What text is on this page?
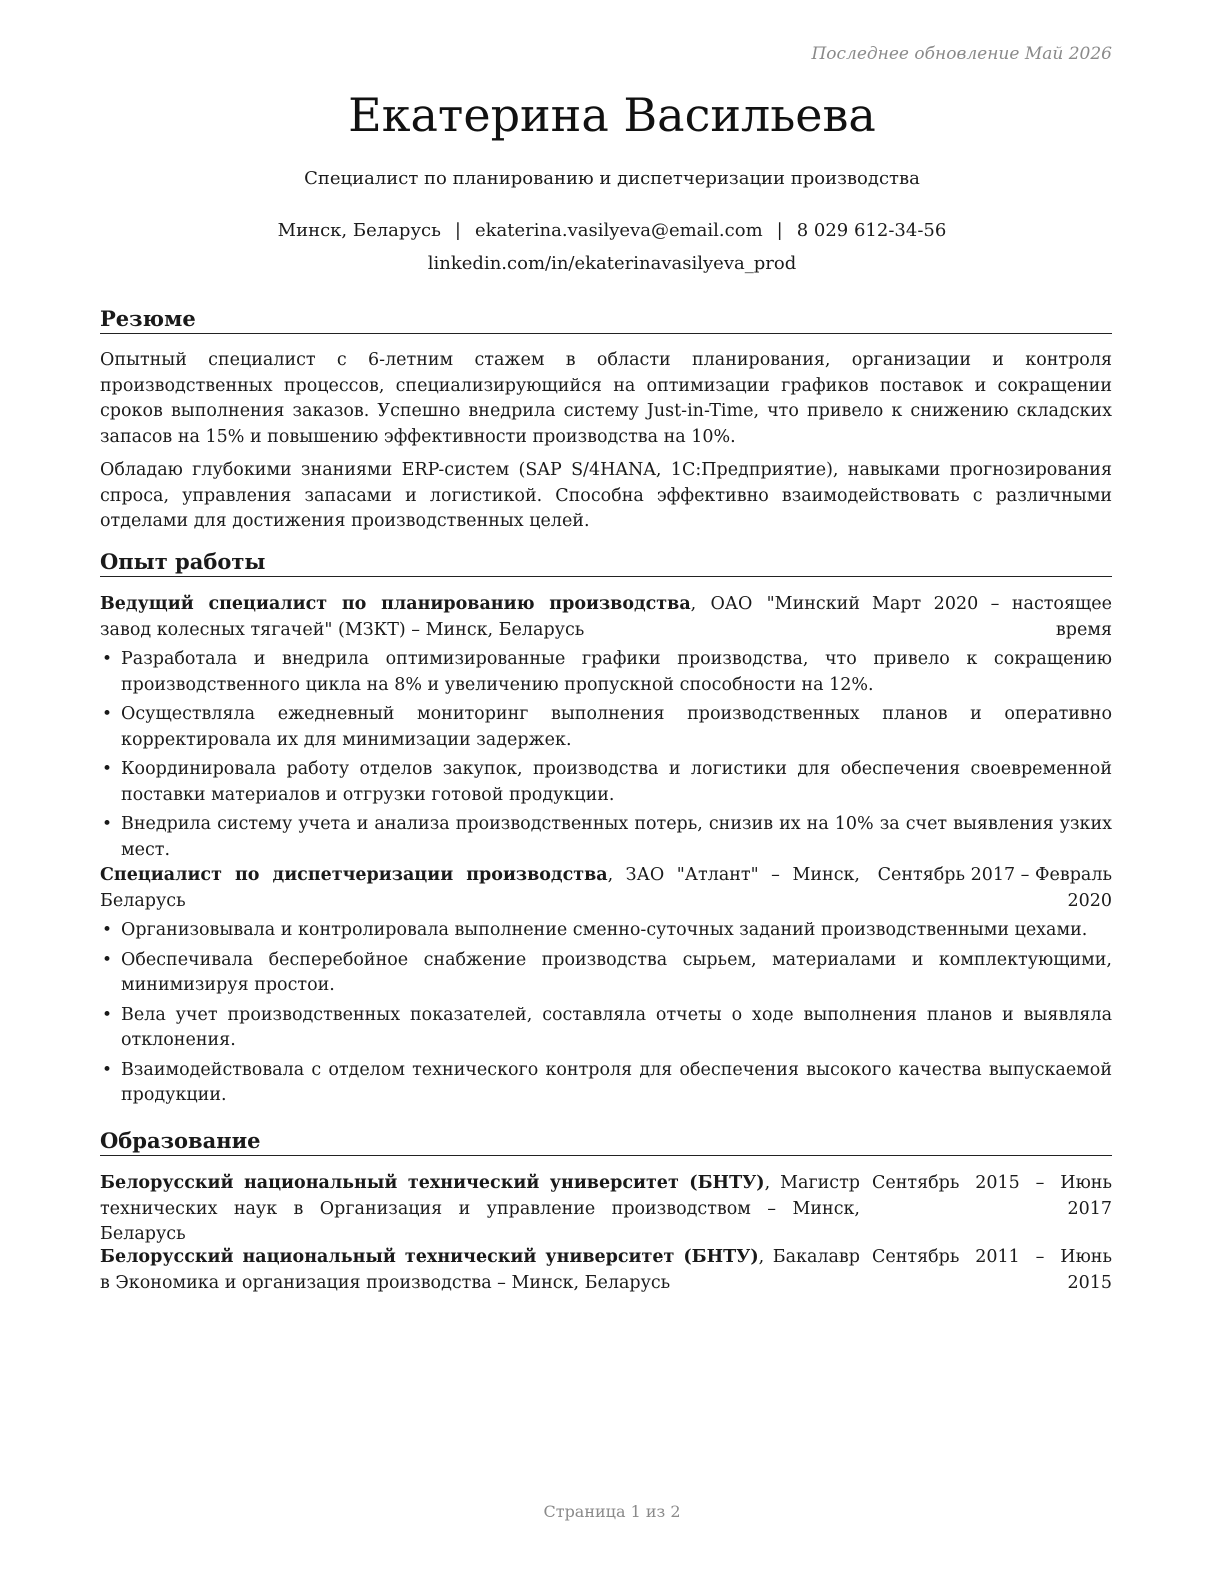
Последнее обновление Май 2026
Екатерина Васильева
Специалист по планированию и диспетчеризации производства
Минск, Беларусь | ekaterina.vasilyeva@email.com | 8 029 612-34-56
linkedin.com/in/ekaterinavasilyeva_prod
Резюме

Опытный специалист с 6-летним стажем в области планирования, организации и контроля производственных процессов, специализирующийся на оптимизации графиков поставок и сокращении сроков выполнения заказов. Успешно внедрила систему Just-in-Time, что привело к снижению складских запасов на 15% и повышению эффективности производства на 10%.

Обладаю глубокими знаниями ERP-систем (SAP S/4HANA, 1С:Предприятие), навыками прогнозирования спроса, управления запасами и логистикой. Способна эффективно взаимодействовать с различными отделами для достижения производственных целей.

Опыт работы
Ведущий специалист по планированию производства, ОАО "Минский завод колесных тягачей" (МЗКТ) – Минск, Беларусь
Март 2020 – настоящее время
• Разработала и внедрила оптимизированные графики производства, что привело к сокращению производственного цикла на 8% и увеличению пропускной способности на 12%.
• Осуществляла ежедневный мониторинг выполнения производственных планов и оперативно корректировала их для минимизации задержек.
• Координировала работу отделов закупок, производства и логистики для обеспечения своевременной поставки материалов и отгрузки готовой продукции.
• Внедрила систему учета и анализа производственных потерь, снизив их на 10% за счет выявления узких мест.
Специалист по диспетчеризации производства, ЗАО "Атлант" – Минск, Беларусь
Сентябрь 2017 – Февраль 2020
• Организовывала и контролировала выполнение сменно-суточных заданий производственными цехами.
• Обеспечивала бесперебойное снабжение производства сырьем, материалами и комплектующими, минимизируя простои.
• Вела учет производственных показателей, составляла отчеты о ходе выполнения планов и выявляла отклонения.
• Взаимодействовала с отделом технического контроля для обеспечения высокого качества выпускаемой продукции.
Образование
Белорусский национальный технический университет (БНТУ), Магистр технических наук в Организация и управление производством – Минск, Беларусь
Сентябрь 2015 – Июнь 2017
Белорусский национальный технический университет (БНТУ), Бакалавр в Экономика и организация производства – Минск, Беларусь
Сентябрь 2011 – Июнь 2015
Страница 1 из 2
